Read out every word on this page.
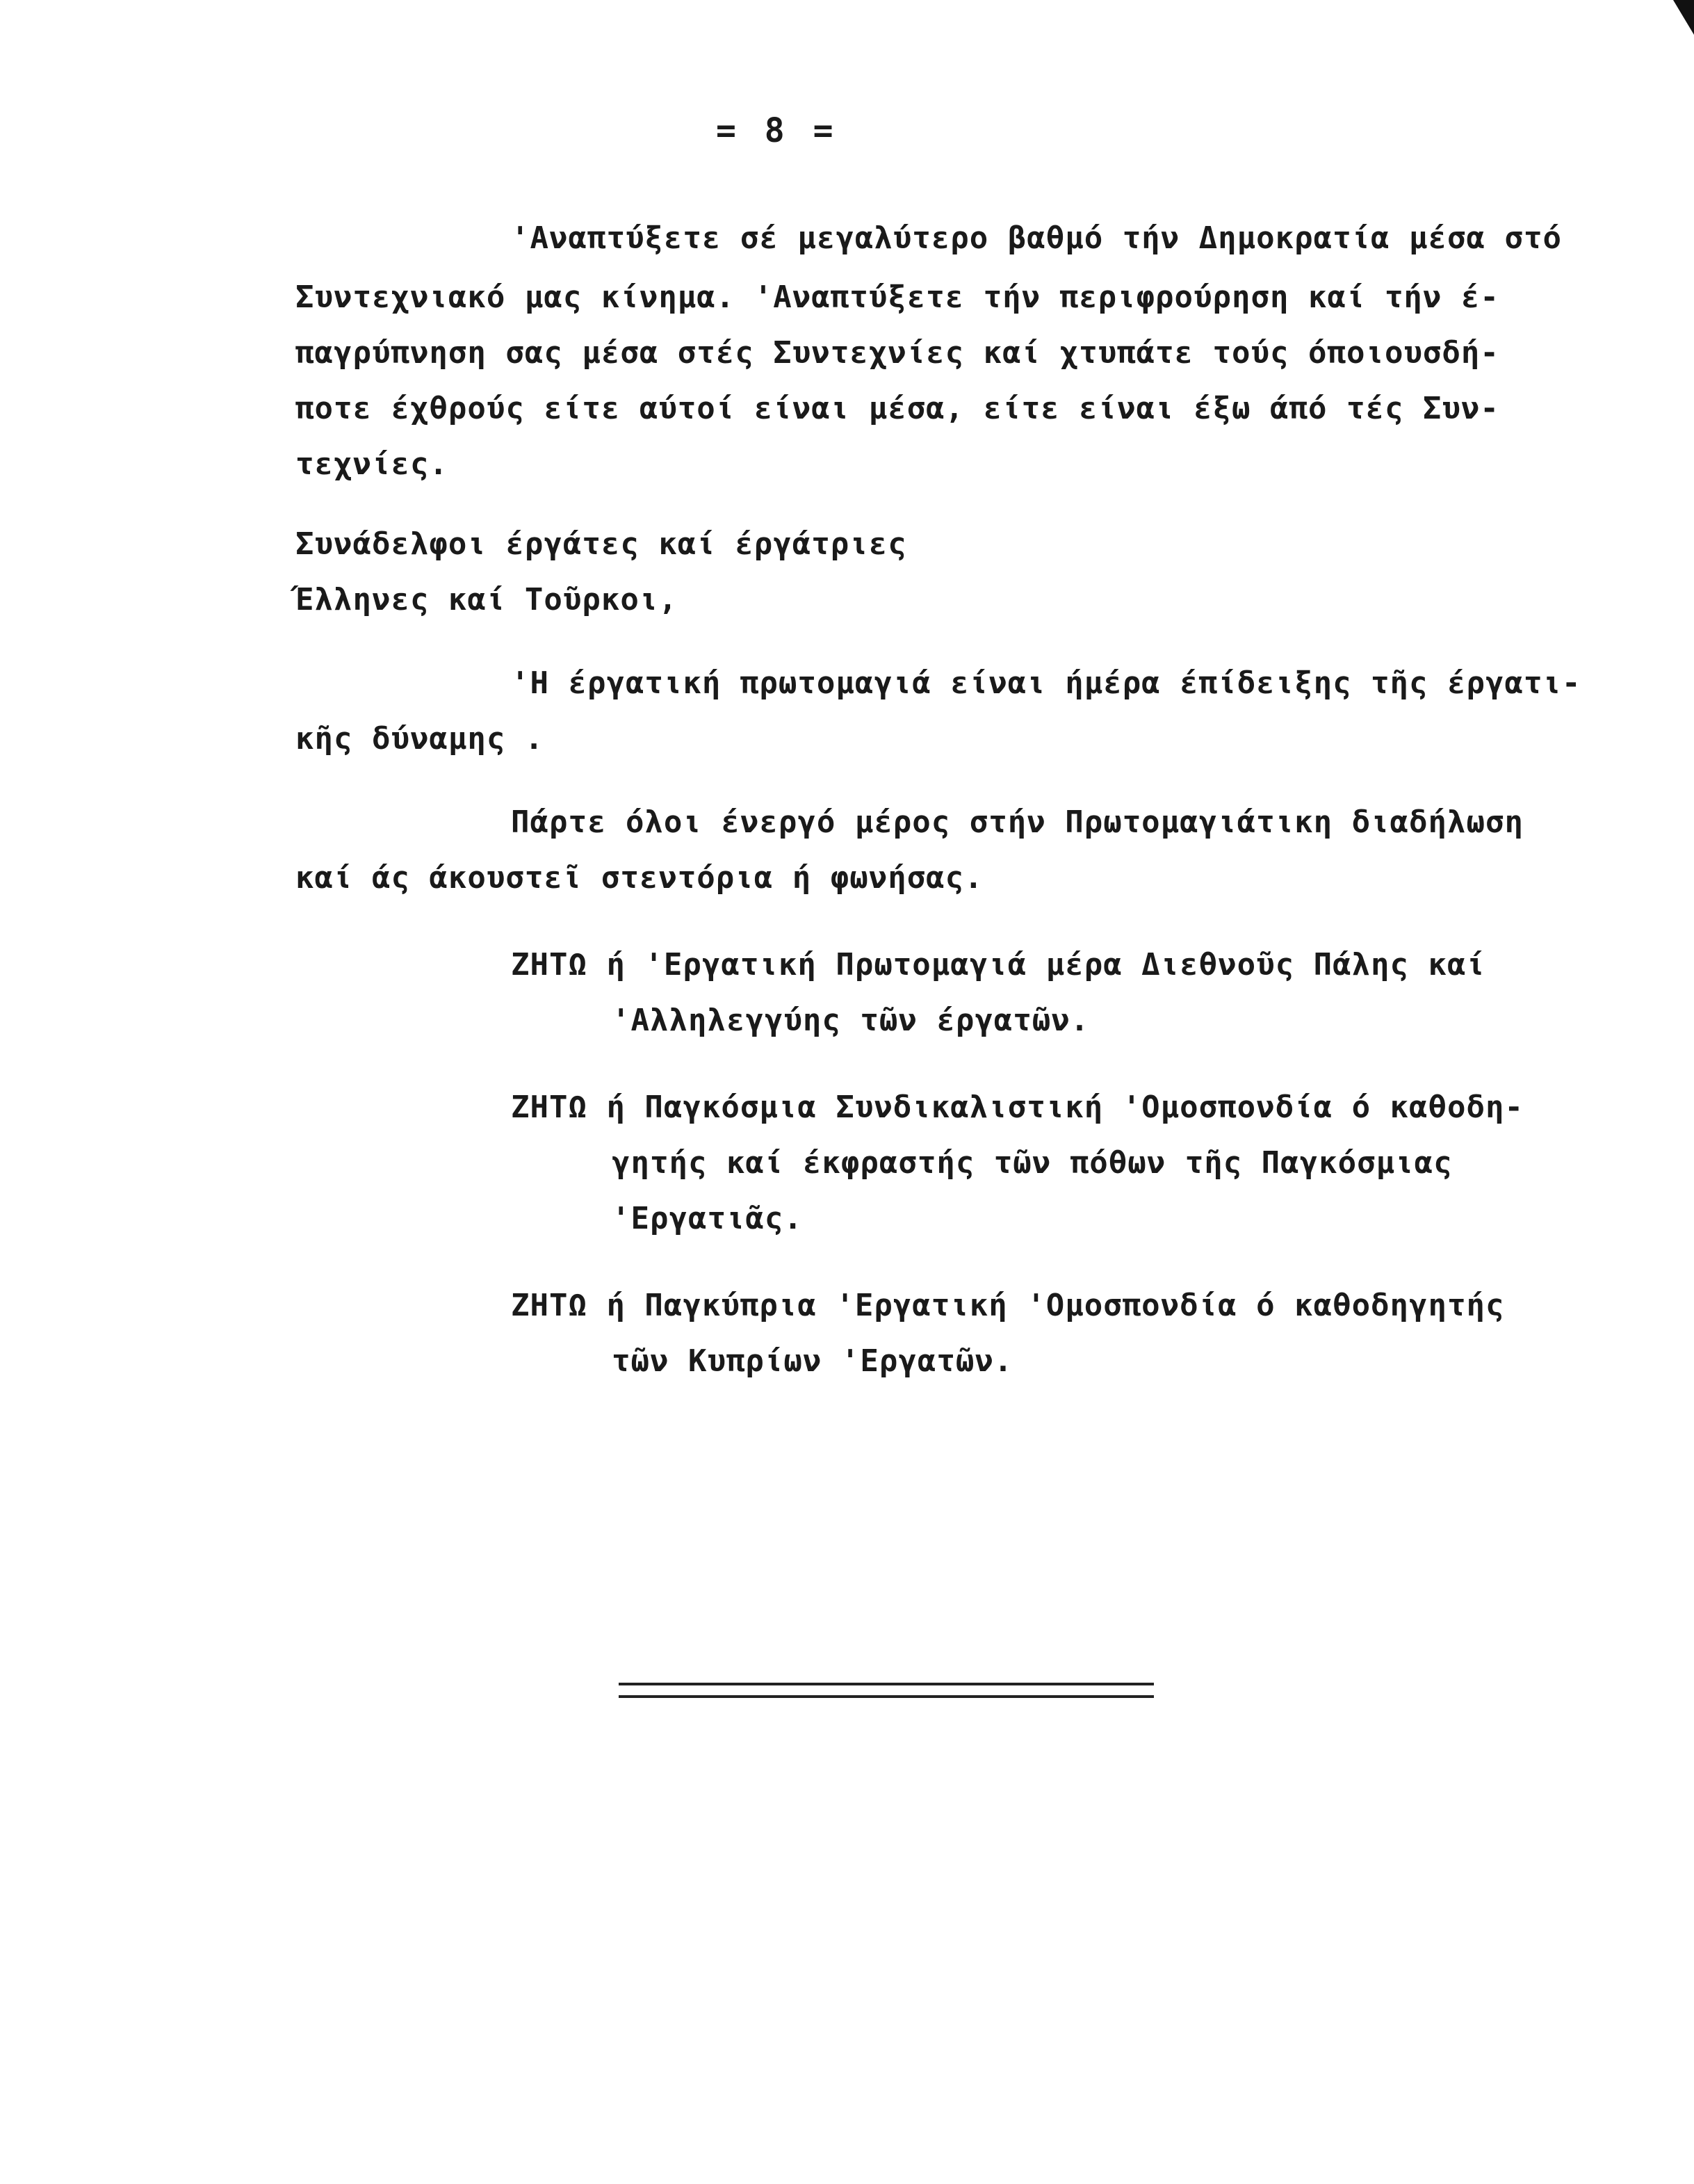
= 8 =
'Αναπτύξετε σέ μεγαλύτερο βαθμό τήν Δημοκρατία μέσα στό
Συντεχνιακό μας κίνημα. 'Αναπτύξετε τήν περιφρούρηση καί τήν έ-
παγρύπνηση σας μέσα στές Συντεχνίες καί χτυπάτε τούς όποιουσδή-
ποτε έχθρούς είτε αύτοί είναι μέσα, είτε είναι έξω άπό τές Συν-
τεχνίες.
Συνάδελφοι έργάτες καί έργάτριες
Έλληνες καί Τοῦρκοι,
'Η έργατική πρωτομαγιά είναι ήμέρα έπίδειξης τῆς έργατι-
κῆς δύναμης .
Πάρτε όλοι ένεργό μέρος στήν Πρωτομαγιάτικη διαδήλωση
καί άς άκουστεῖ στεντόρια ή φωνήσας.
ΖΗΤΩ ή 'Εργατική Πρωτομαγιά μέρα Διεθνοῦς Πάλης καί
'Αλληλεγγύης τῶν έργατῶν.
ΖΗΤΩ ή Παγκόσμια Συνδικαλιστική 'Ομοσπονδία ό καθοδη-
γητής καί έκφραστής τῶν πόθων τῆς Παγκόσμιας
'Εργατιᾶς.
ΖΗΤΩ ή Παγκύπρια 'Εργατική 'Ομοσπονδία ό καθοδηγητής
τῶν Κυπρίων 'Εργατῶν.
